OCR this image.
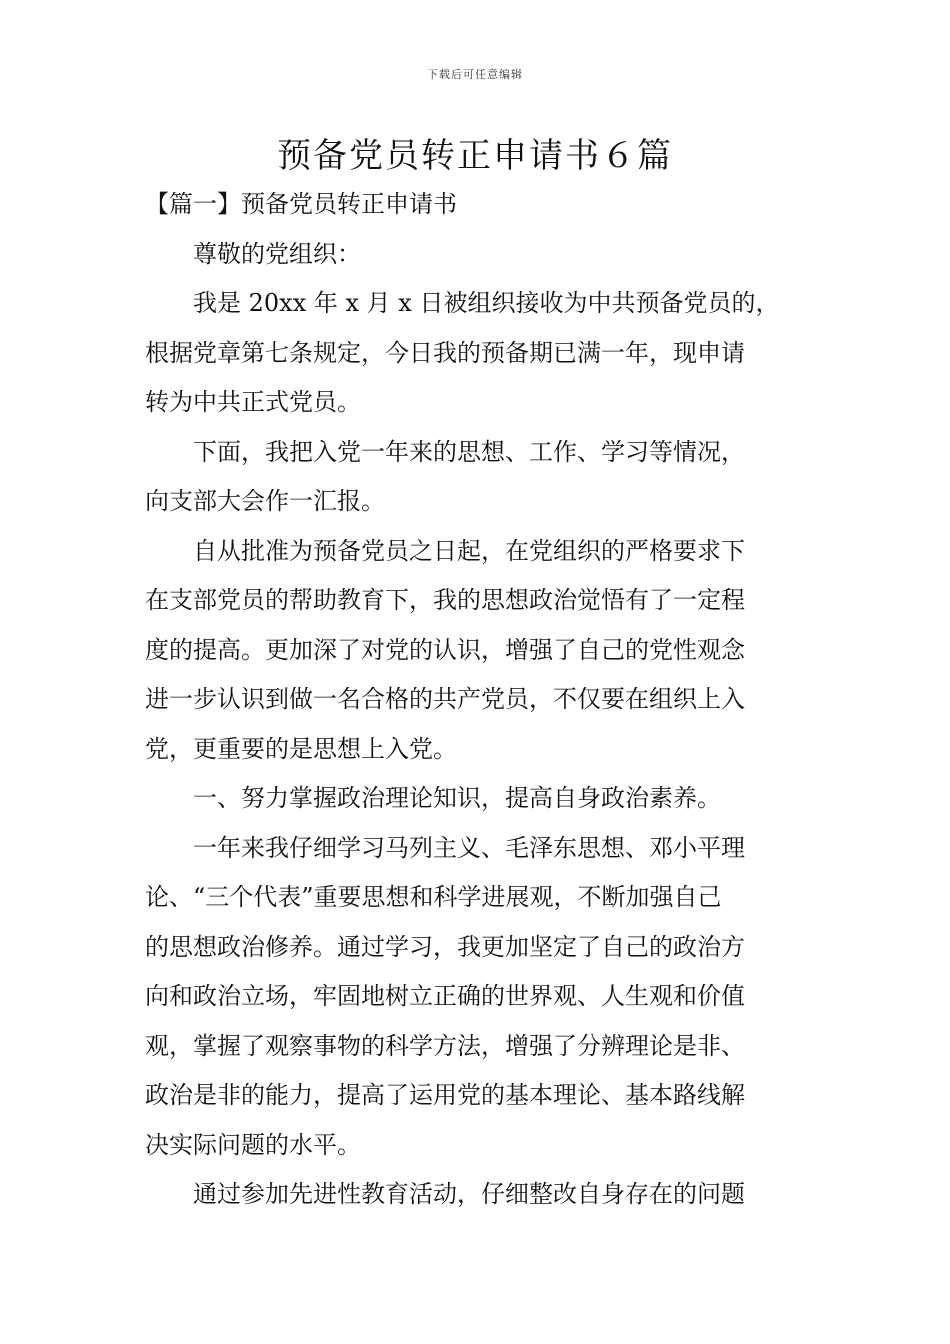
下载后可任意编辑
预备党员转正申请书６篇
【篇一】预备党员转正申请书
尊敬的党组织：
我是 20xx 年 x 月 x 日被组织接收为中共预备党员的，
根据党章第七条规定，今日我的预备期已满一年，现申请
转为中共正式党员。
下面，我把入党一年来的思想、工作、学习等情况，
向支部大会作一汇报。
自从批准为预备党员之日起，在党组织的严格要求下
在支部党员的帮助教育下，我的思想政治觉悟有了一定程
度的提高。更加深了对党的认识，增强了自己的党性观念
进一步认识到做一名合格的共产党员，不仅要在组织上入
党，更重要的是思想上入党。
一、努力掌握政治理论知识，提高自身政治素养。
一年来我仔细学习马列主义、毛泽东思想、邓小平理
论、“三个代表”重要思想和科学进展观，不断加强自己
的思想政治修养。通过学习，我更加坚定了自己的政治方
向和政治立场，牢固地树立正确的世界观、人生观和价值
观，掌握了观察事物的科学方法，增强了分辨理论是非、
政治是非的能力，提高了运用党的基本理论、基本路线解
决实际问题的水平。
通过参加先进性教育活动，仔细整改自身存在的问题
